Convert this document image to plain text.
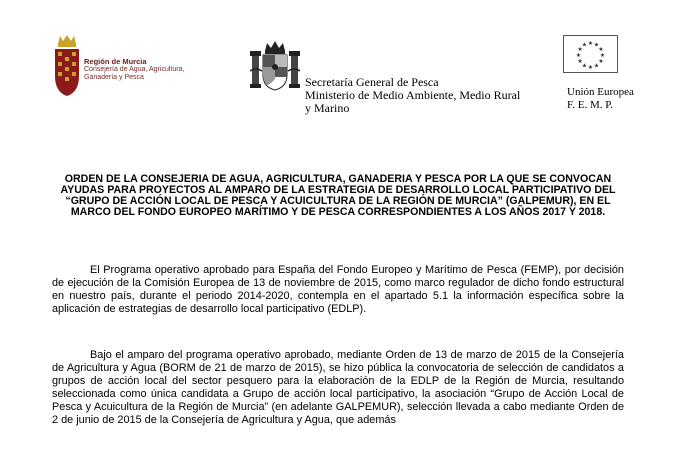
Región de Murcia
Consejería de Agua, Agricultura,
Ganadería y Pesca	Secretaría General de Pesca
Ministerio de Medio Ambiente, Medio Rural
y Marino
★ ★
★
★
★
★
★
★
★
★
★
★
Unión Europea
F. E. M. P.
ORDEN DE LA CONSEJERIA DE AGUA, AGRICULTURA, GANADERIA Y PESCA POR LA QUE SE CONVOCAN AYUDAS PARA PROYECTOS AL AMPARO DE LA ESTRATEGIA DE DESARROLLO LOCAL PARTICIPATIVO DEL “GRUPO DE ACCIÓN LOCAL DE PESCA Y ACUICULTURA DE LA REGIÓN DE MURCIA” (GALPEMUR), EN EL MARCO DEL FONDO EUROPEO MARÍTIMO Y DE PESCA CORRESPONDIENTES A LOS AÑOS 2017 Y 2018.

El Programa operativo aprobado para España del Fondo Europeo y Marítimo de Pesca (FEMP), por decisión de ejecución de la Comisión Europea de 13 de noviembre de 2015, como marco regulador de dicho fondo estructural en nuestro país, durante el periodo 2014-2020, contempla en el apartado 5.1 la información específica sobre la aplicación de estrategias de desarrollo local participativo (EDLP).

Bajo el amparo del programa operativo aprobado, mediante Orden de 13 de marzo de 2015 de la Consejería de Agricultura y Agua (BORM de 21 de marzo de 2015), se hizo pública la convocatoria de selección de candidatos a grupos de acción local del sector pesquero para la elaboración de la EDLP de la Región de Murcia, resultando seleccionada como única candidata a Grupo de acción local participativo, la asociación “Grupo de Acción Local de Pesca y Acuicultura de la Región de Murcia” (en adelante GALPEMUR), selección llevada a cabo mediante Orden de 2 de junio de 2015 de la Consejería de Agricultura y Agua, que además
